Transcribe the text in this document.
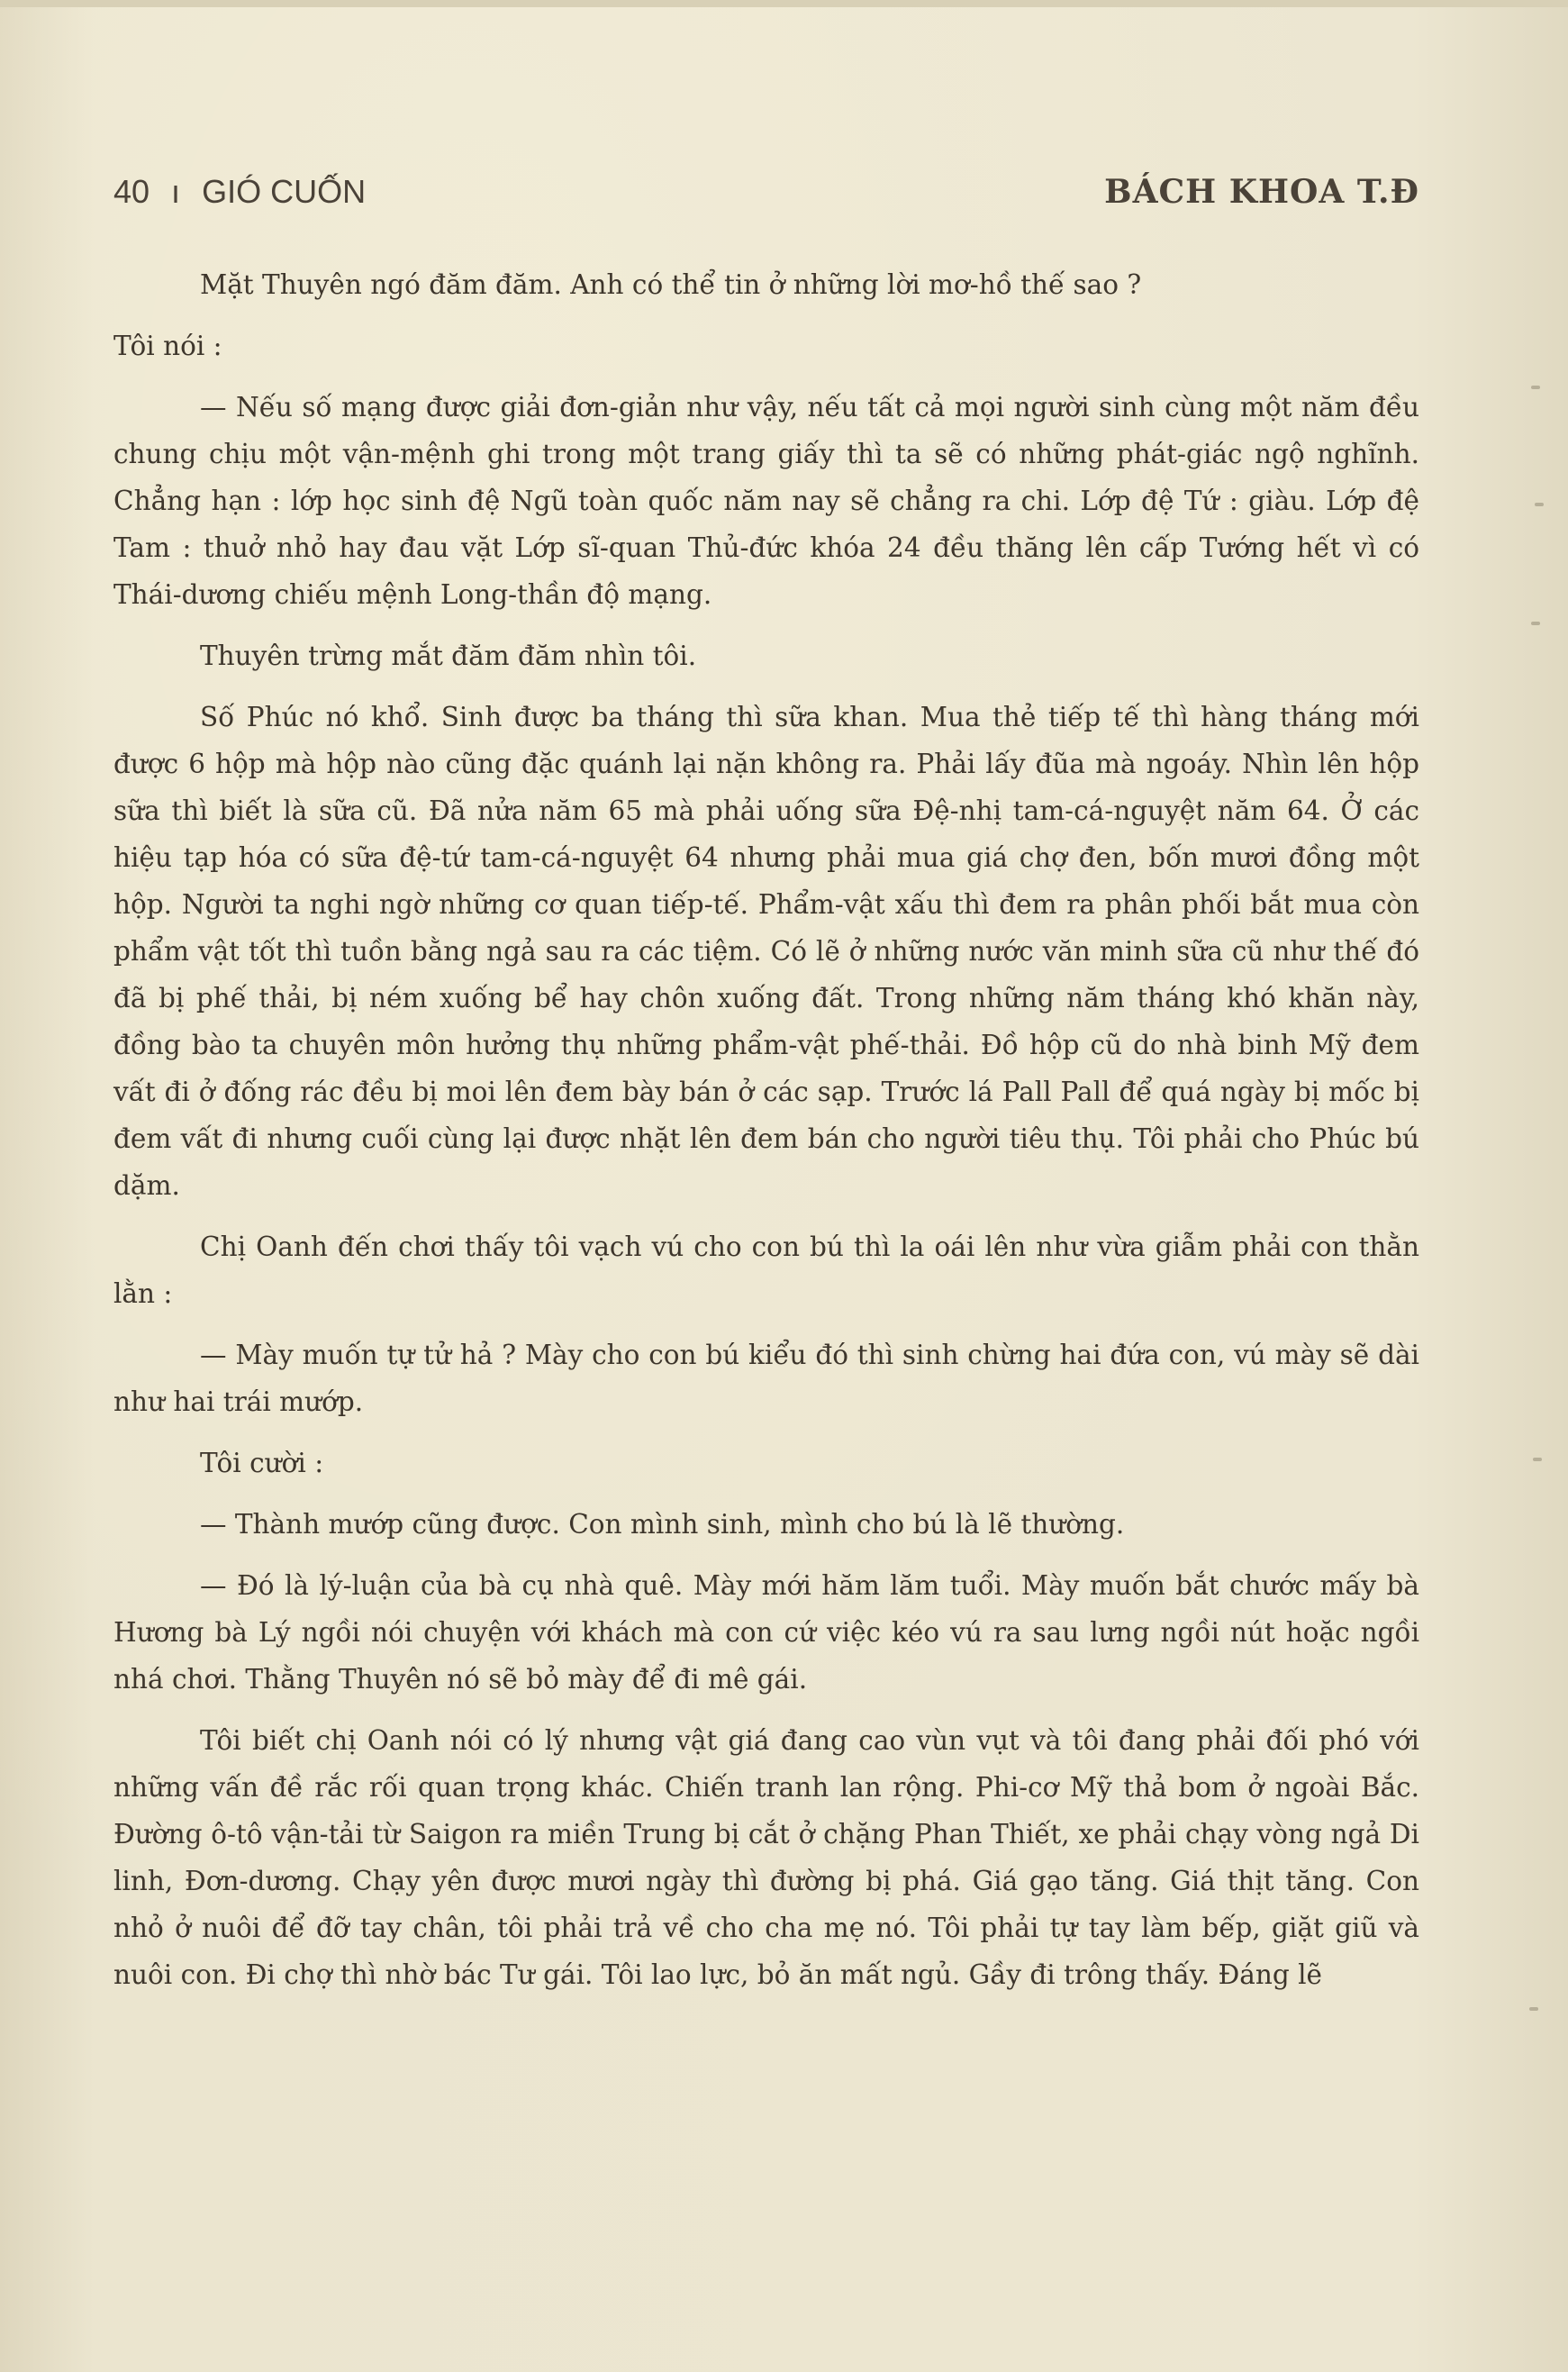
40 ı GIÓ CUỐN	BÁCH KHOA T.Đ

Mặt Thuyên ngó đăm đăm. Anh có thể tin ở những lời mơ-hồ thế sao ?

Tôi nói :

— Nếu số mạng được giải đơn-giản như vậy, nếu tất cả mọi người sinh cùng một năm đều chung chịu một vận-mệnh ghi trong một trang giấy thì ta sẽ có những phát-giác ngộ nghĩnh. Chẳng hạn : lớp học sinh đệ Ngũ toàn quốc năm nay sẽ chẳng ra chi. Lớp đệ Tứ : giàu. Lớp đệ Tam : thuở nhỏ hay đau vặt Lớp sĩ-quan Thủ-đức khóa 24 đều thăng lên cấp Tướng hết vì có Thái-dương chiếu mệnh Long-thần độ mạng.

Thuyên trừng mắt đăm đăm nhìn tôi.

Số Phúc nó khổ. Sinh được ba tháng thì sữa khan. Mua thẻ tiếp tế thì hàng tháng mới được 6 hộp mà hộp nào cũng đặc quánh lại nặn không ra. Phải lấy đũa mà ngoáy. Nhìn lên hộp sữa thì biết là sữa cũ. Đã nửa năm 65 mà phải uống sữa Đệ-nhị tam-cá-nguyệt năm 64. Ở các hiệu tạp hóa có sữa đệ-tứ tam-cá-nguyệt 64 nhưng phải mua giá chợ đen, bốn mươi đồng một hộp. Người ta nghi ngờ những cơ quan tiếp-tế. Phẩm-vật xấu thì đem ra phân phối bắt mua còn phẩm vật tốt thì tuồn bằng ngả sau ra các tiệm. Có lẽ ở những nước văn minh sữa cũ như thế đó đã bị phế thải, bị ném xuống bể hay chôn xuống đất. Trong những năm tháng khó khăn này, đồng bào ta chuyên môn hưởng thụ những phẩm-vật phế-thải. Đồ hộp cũ do nhà binh Mỹ đem vất đi ở đống rác đều bị moi lên đem bày bán ở các sạp. Trước lá Pall Pall để quá ngày bị mốc bị đem vất đi nhưng cuối cùng lại được nhặt lên đem bán cho người tiêu thụ. Tôi phải cho Phúc bú dặm.

Chị Oanh đến chơi thấy tôi vạch vú cho con bú thì la oái lên như vừa giẫm phải con thằn lằn :

— Mày muốn tự tử hả ? Mày cho con bú kiểu đó thì sinh chừng hai đứa con, vú mày sẽ dài như hai trái mướp.

Tôi cười :

— Thành mướp cũng được. Con mình sinh, mình cho bú là lẽ thường.

— Đó là lý-luận của bà cụ nhà quê. Mày mới hăm lăm tuổi. Mày muốn bắt chước mấy bà Hương bà Lý ngồi nói chuyện với khách mà con cứ việc kéo vú ra sau lưng ngồi nút hoặc ngồi nhá chơi. Thằng Thuyên nó sẽ bỏ mày để đi mê gái.

Tôi biết chị Oanh nói có lý nhưng vật giá đang cao vùn vụt và tôi đang phải đối phó với những vấn đề rắc rối quan trọng khác. Chiến tranh lan rộng. Phi-cơ Mỹ thả bom ở ngoài Bắc. Đường ô-tô vận-tải từ Saigon ra miền Trung bị cắt ở chặng Phan Thiết, xe phải chạy vòng ngả Di linh, Đơn-dương. Chạy yên được mươi ngày thì đường bị phá. Giá gạo tăng. Giá thịt tăng. Con nhỏ ở nuôi để đỡ tay chân, tôi phải trả về cho cha mẹ nó. Tôi phải tự tay làm bếp, giặt giũ và nuôi con. Đi chợ thì nhờ bác Tư gái. Tôi lao lực, bỏ ăn mất ngủ. Gầy đi trông thấy. Đáng lẽ
